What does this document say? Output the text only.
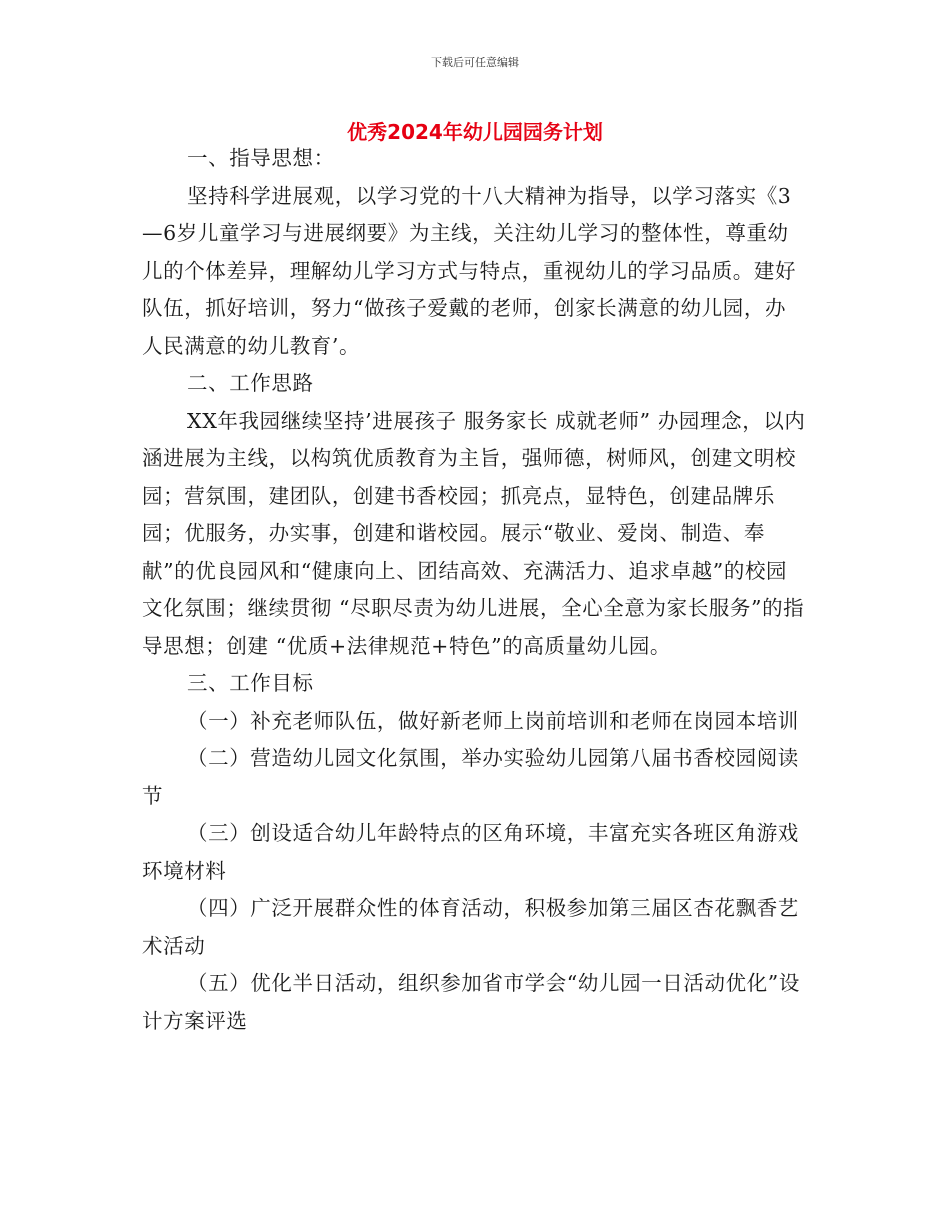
下载后可任意编辑
优秀2024年幼儿园园务计划

一、指导思想：

坚持科学进展观，以学习党的十八大精神为指导，以学习落实《3—6岁儿童学习与进展纲要》为主线，关注幼儿学习的整体性，尊重幼儿的个体差异，理解幼儿学习方式与特点，重视幼儿的学习品质。建好队伍，抓好培训，努力“做孩子爱戴的老师，创家长满意的幼儿园，办人民满意的幼儿教育’。

二、工作思路

XX年我园继续坚持’进展孩子 服务家长 成就老师” 办园理念，以内涵进展为主线，以构筑优质教育为主旨，强师德，树师风，创建文明校园；营氛围，建团队，创建书香校园；抓亮点，显特色，创建品牌乐园；优服务，办实事，创建和谐校园。展示“敬业、爱岗、制造、奉献”的优良园风和“健康向上、团结高效、充满活力、追求卓越”的校园文化氛围；继续贯彻 “尽职尽责为幼儿进展，全心全意为家长服务”的指导思想；创建 “优质+法律规范+特色”的高质量幼儿园。

三、工作目标

（一）补充老师队伍，做好新老师上岗前培训和老师在岗园本培训

（二）营造幼儿园文化氛围，举办实验幼儿园第八届书香校园阅读节

（三）创设适合幼儿年龄特点的区角环境，丰富充实各班区角游戏环境材料

（四）广泛开展群众性的体育活动，积极参加第三届区杏花飘香艺术活动

（五）优化半日活动，组织参加省市学会“幼儿园一日活动优化”设计方案评选
